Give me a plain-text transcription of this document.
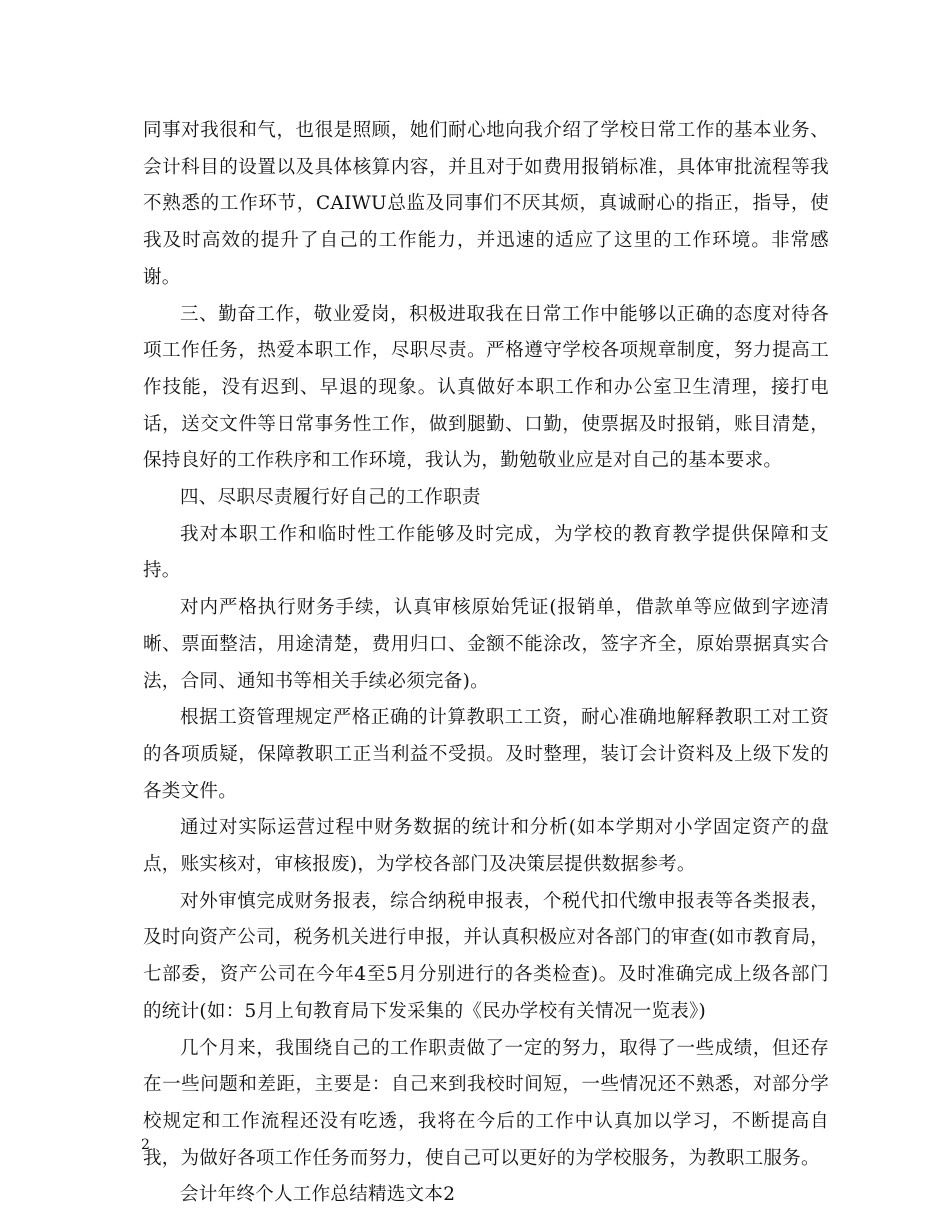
同事对我很和气，也很是照顾，她们耐心地向我介绍了学校日常工作的基本业务、会计科目的设置以及具体核算内容，并且对于如费用报销标准，具体审批流程等我不熟悉的工作环节，CAIWU总监及同事们不厌其烦，真诚耐心的指正，指导，使我及时高效的提升了自己的工作能力，并迅速的适应了这里的工作环境。非常感谢。

三、勤奋工作，敬业爱岗，积极进取我在日常工作中能够以正确的态度对待各项工作任务，热爱本职工作，尽职尽责。严格遵守学校各项规章制度，努力提高工作技能，没有迟到、早退的现象。认真做好本职工作和办公室卫生清理，接打电话，送交文件等日常事务性工作，做到腿勤、口勤，使票据及时报销，账目清楚，保持良好的工作秩序和工作环境，我认为，勤勉敬业应是对自己的基本要求。

四、尽职尽责履行好自己的工作职责

我对本职工作和临时性工作能够及时完成，为学校的教育教学提供保障和支持。

对内严格执行财务手续，认真审核原始凭证(报销单，借款单等应做到字迹清晰、票面整洁，用途清楚，费用归口、金额不能涂改，签字齐全，原始票据真实合法，合同、通知书等相关手续必须完备)。

根据工资管理规定严格正确的计算教职工工资，耐心准确地解释教职工对工资的各项质疑，保障教职工正当利益不受损。及时整理，装订会计资料及上级下发的各类文件。

通过对实际运营过程中财务数据的统计和分析(如本学期对小学固定资产的盘点，账实核对，审核报废)，为学校各部门及决策层提供数据参考。

对外审慎完成财务报表，综合纳税申报表，个税代扣代缴申报表等各类报表，及时向资产公司，税务机关进行申报，并认真积极应对各部门的审查(如市教育局，七部委，资产公司在今年4至5月分别进行的各类检查)。及时准确完成上级各部门的统计(如：5月上旬教育局下发采集的《民办学校有关情况一览表》)

几个月来，我围绕自己的工作职责做了一定的努力，取得了一些成绩，但还存在一些问题和差距，主要是：自己来到我校时间短，一些情况还不熟悉，对部分学校规定和工作流程还没有吃透，我将在今后的工作中认真加以学习，不断提高自我，为做好各项工作任务而努力，使自己可以更好的为学校服务，为教职工服务。

会计年终个人工作总结精选文本2

2
